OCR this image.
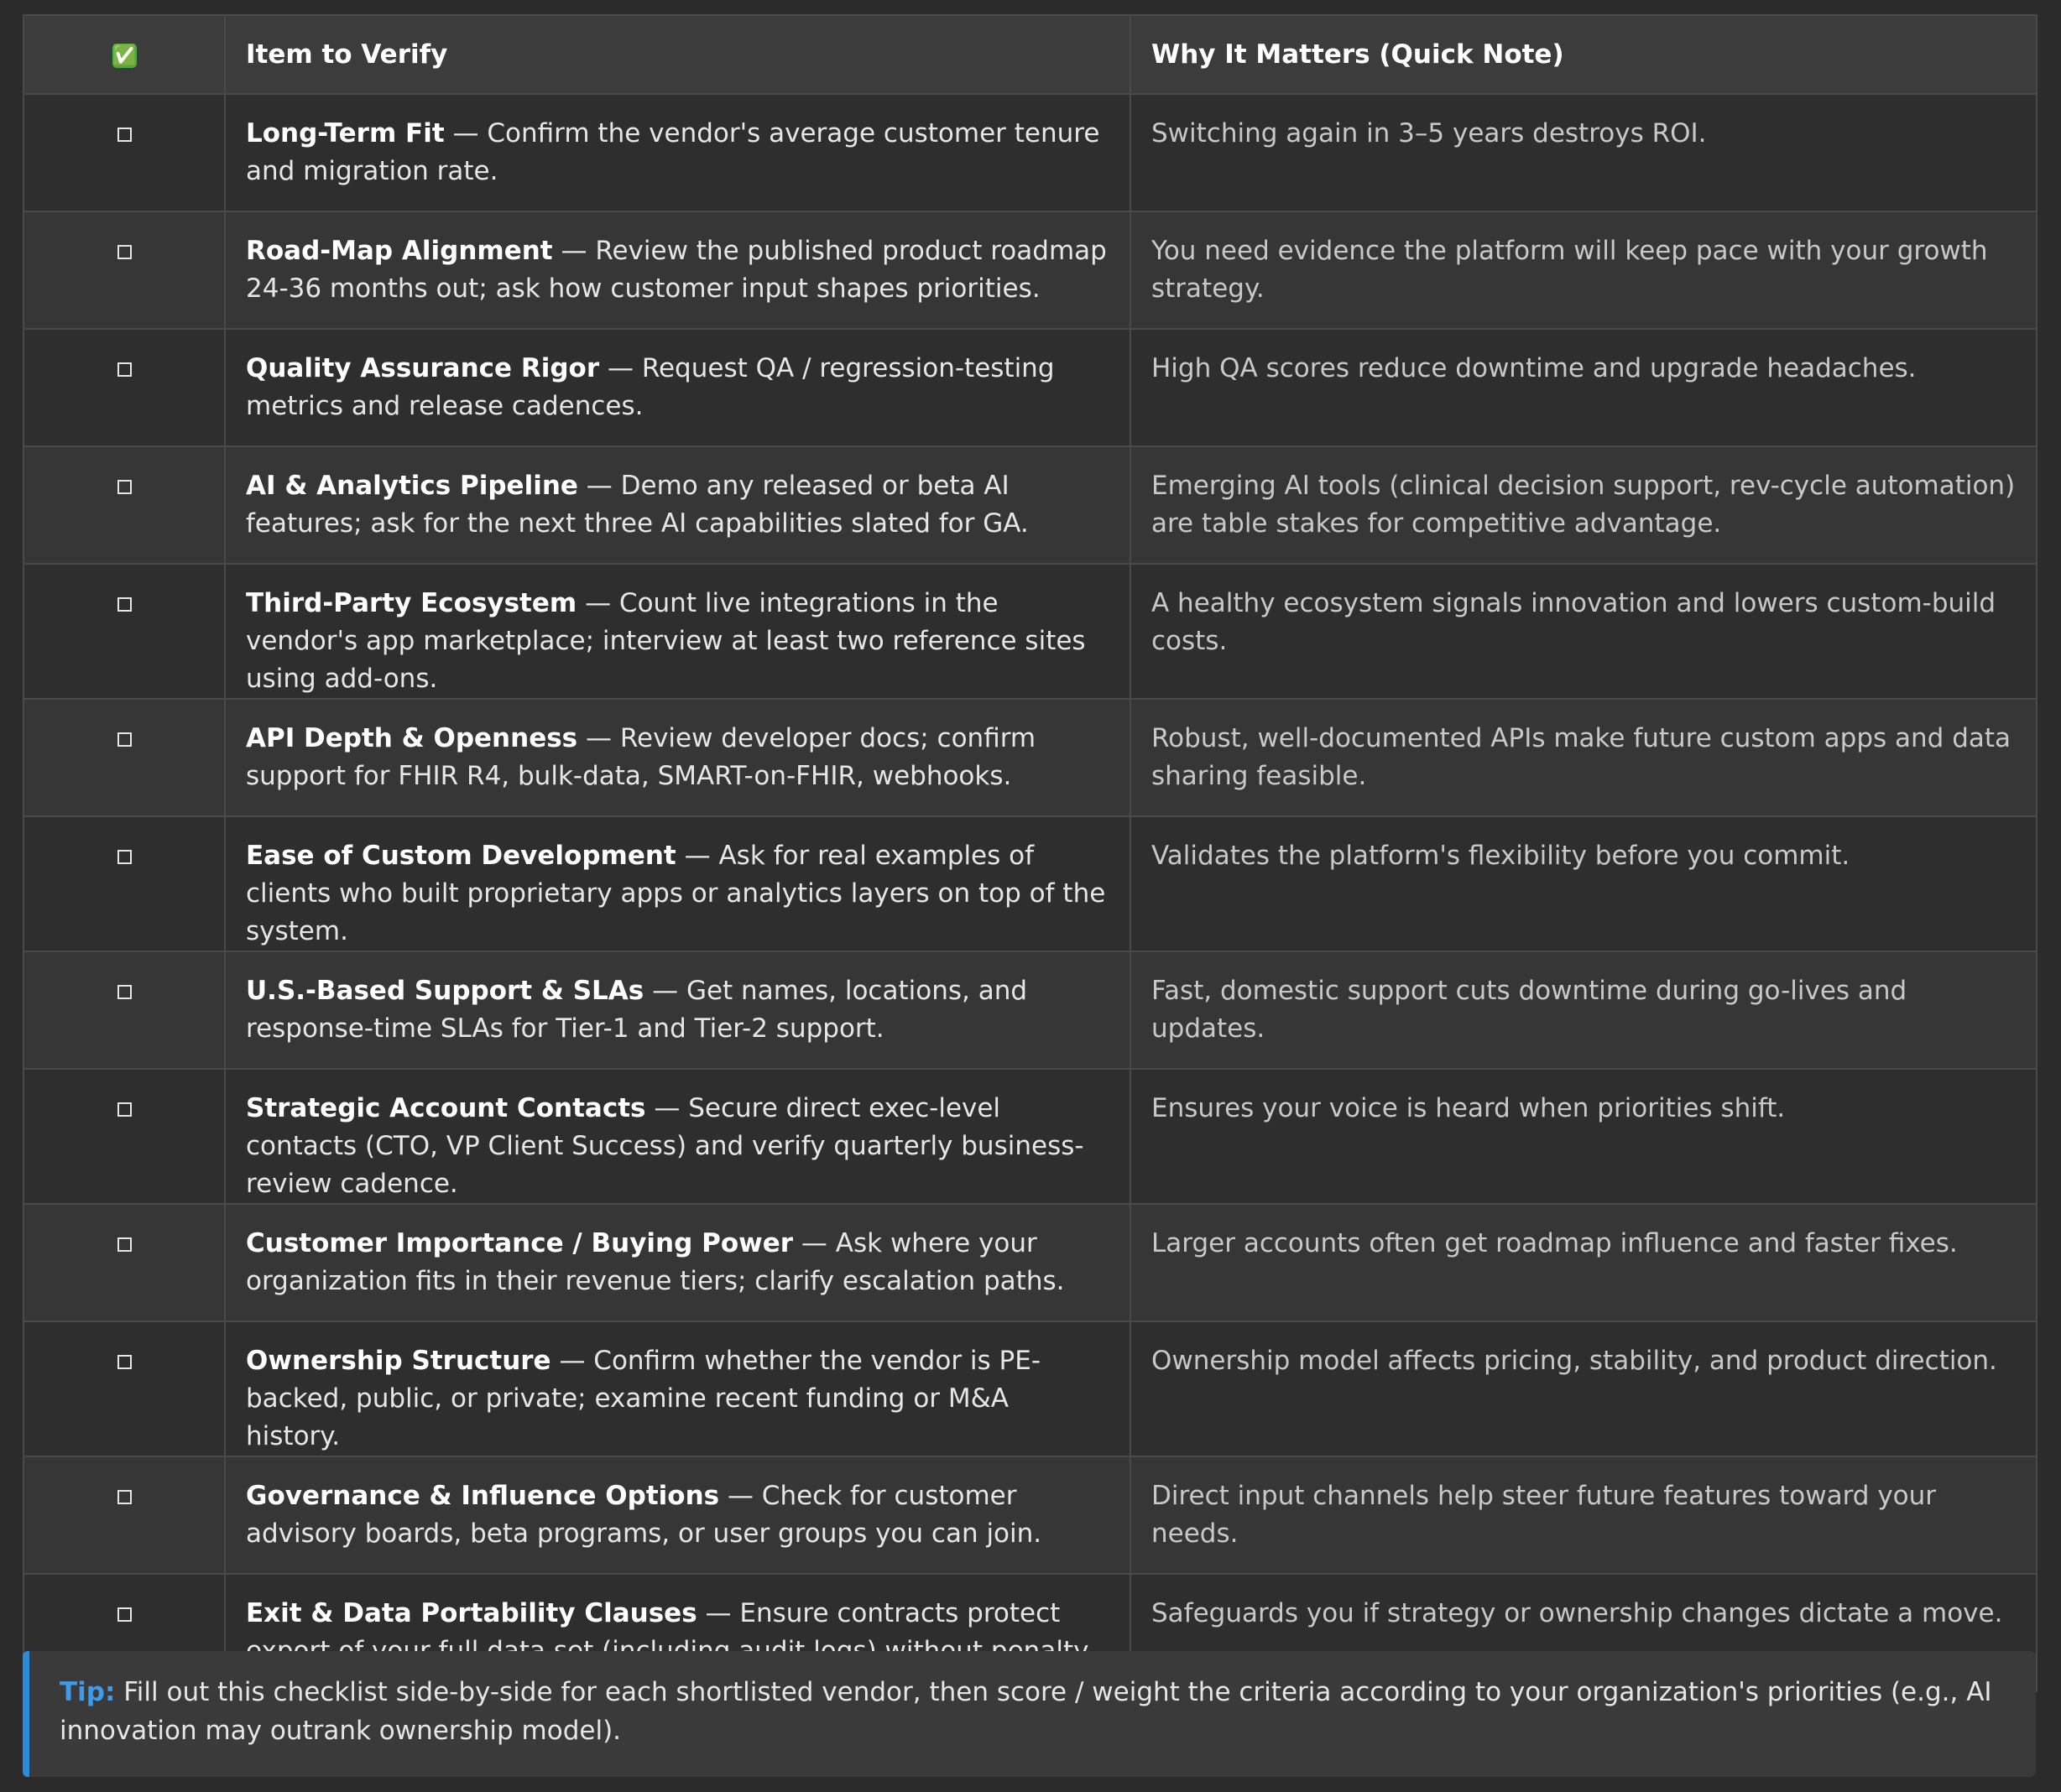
✅	Item to Verify	Why It Matters (Quick Note)
	Long-Term Fit — Confirm the vendor's average customer tenure and migration rate.	Switching again in 3–5 years destroys ROI.
	Road-Map Alignment — Review the published product roadmap 24-36 months out; ask how customer input shapes priorities.	You need evidence the platform will keep pace with your growth strategy.
	Quality Assurance Rigor — Request QA / regression-testing metrics and release cadences.	High QA scores reduce downtime and upgrade headaches.
	AI & Analytics Pipeline — Demo any released or beta AI features; ask for the next three AI capabilities slated for GA.	Emerging AI tools (clinical decision support, rev-cycle automation) are table stakes for competitive advantage.
	Third-Party Ecosystem — Count live integrations in the vendor's app marketplace; interview at least two reference sites using add-ons.	A healthy ecosystem signals innovation and lowers custom-build costs.
	API Depth & Openness — Review developer docs; confirm support for FHIR R4, bulk-data, SMART-on-FHIR, webhooks.	Robust, well-documented APIs make future custom apps and data sharing feasible.
	Ease of Custom Development — Ask for real examples of clients who built proprietary apps or analytics layers on top of the system.	Validates the platform's flexibility before you commit.
	U.S.-Based Support & SLAs — Get names, locations, and response-time SLAs for Tier-1 and Tier-2 support.	Fast, domestic support cuts downtime during go-lives and updates.
	Strategic Account Contacts — Secure direct exec-level contacts (CTO, VP Client Success) and verify quarterly business-review cadence.	Ensures your voice is heard when priorities shift.
	Customer Importance / Buying Power — Ask where your organization fits in their revenue tiers; clarify escalation paths.	Larger accounts often get roadmap influence and faster fixes.
	Ownership Structure — Confirm whether the vendor is PE-backed, public, or private; examine recent funding or M&A history.	Ownership model affects pricing, stability, and product direction.
	Governance & Influence Options — Check for customer advisory boards, beta programs, or user groups you can join.	Direct input channels help steer future features toward your needs.
	Exit & Data Portability Clauses — Ensure contracts protect	Safeguards you if strategy or ownership changes dictate a move.
Tip: Fill out this checklist side-by-side for each shortlisted vendor, then score / weight the criteria according to your organization's priorities (e.g., AI innovation may outrank ownership model).
